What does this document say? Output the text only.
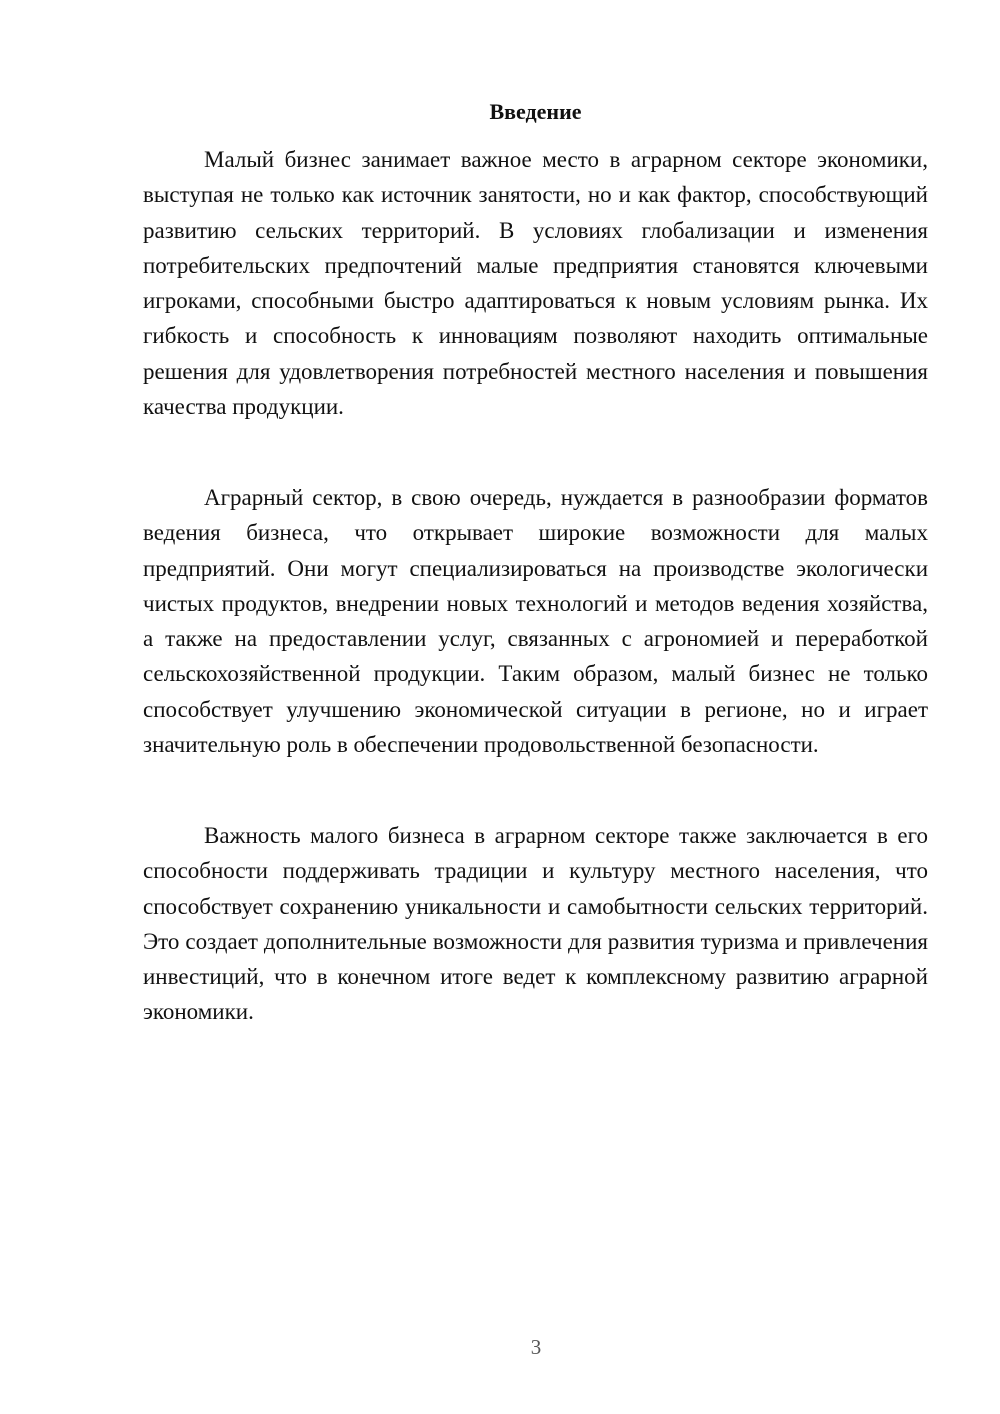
Введение

Малый бизнес занимает важное место в аграрном секторе экономики, выступая не только как источник занятости, но и как фактор, способствующий развитию сельских территорий. В условиях глобализации и изменения потребительских предпочтений малые предприятия становятся ключевыми игроками, способными быстро адаптироваться к новым условиям рынка. Их гибкость и способность к инновациям позволяют находить оптимальные решения для удовлетворения потребностей местного населения и повышения качества продукции.

Аграрный сектор, в свою очередь, нуждается в разнообразии форматов ведения бизнеса, что открывает широкие возможности для малых предприятий. Они могут специализироваться на производстве экологически чистых продуктов, внедрении новых технологий и методов ведения хозяйства, а также на предоставлении услуг, связанных с агрономией и переработкой сельскохозяйственной продукции. Таким образом, малый бизнес не только способствует улучшению экономической ситуации в регионе, но и играет значительную роль в обеспечении продовольственной безопасности.

Важность малого бизнеса в аграрном секторе также заключается в его способности поддерживать традиции и культуру местного населения, что способствует сохранению уникальности и самобытности сельских территорий. Это создает дополнительные возможности для развития туризма и привлечения инвестиций, что в конечном итоге ведет к комплексному развитию аграрной экономики.

3
